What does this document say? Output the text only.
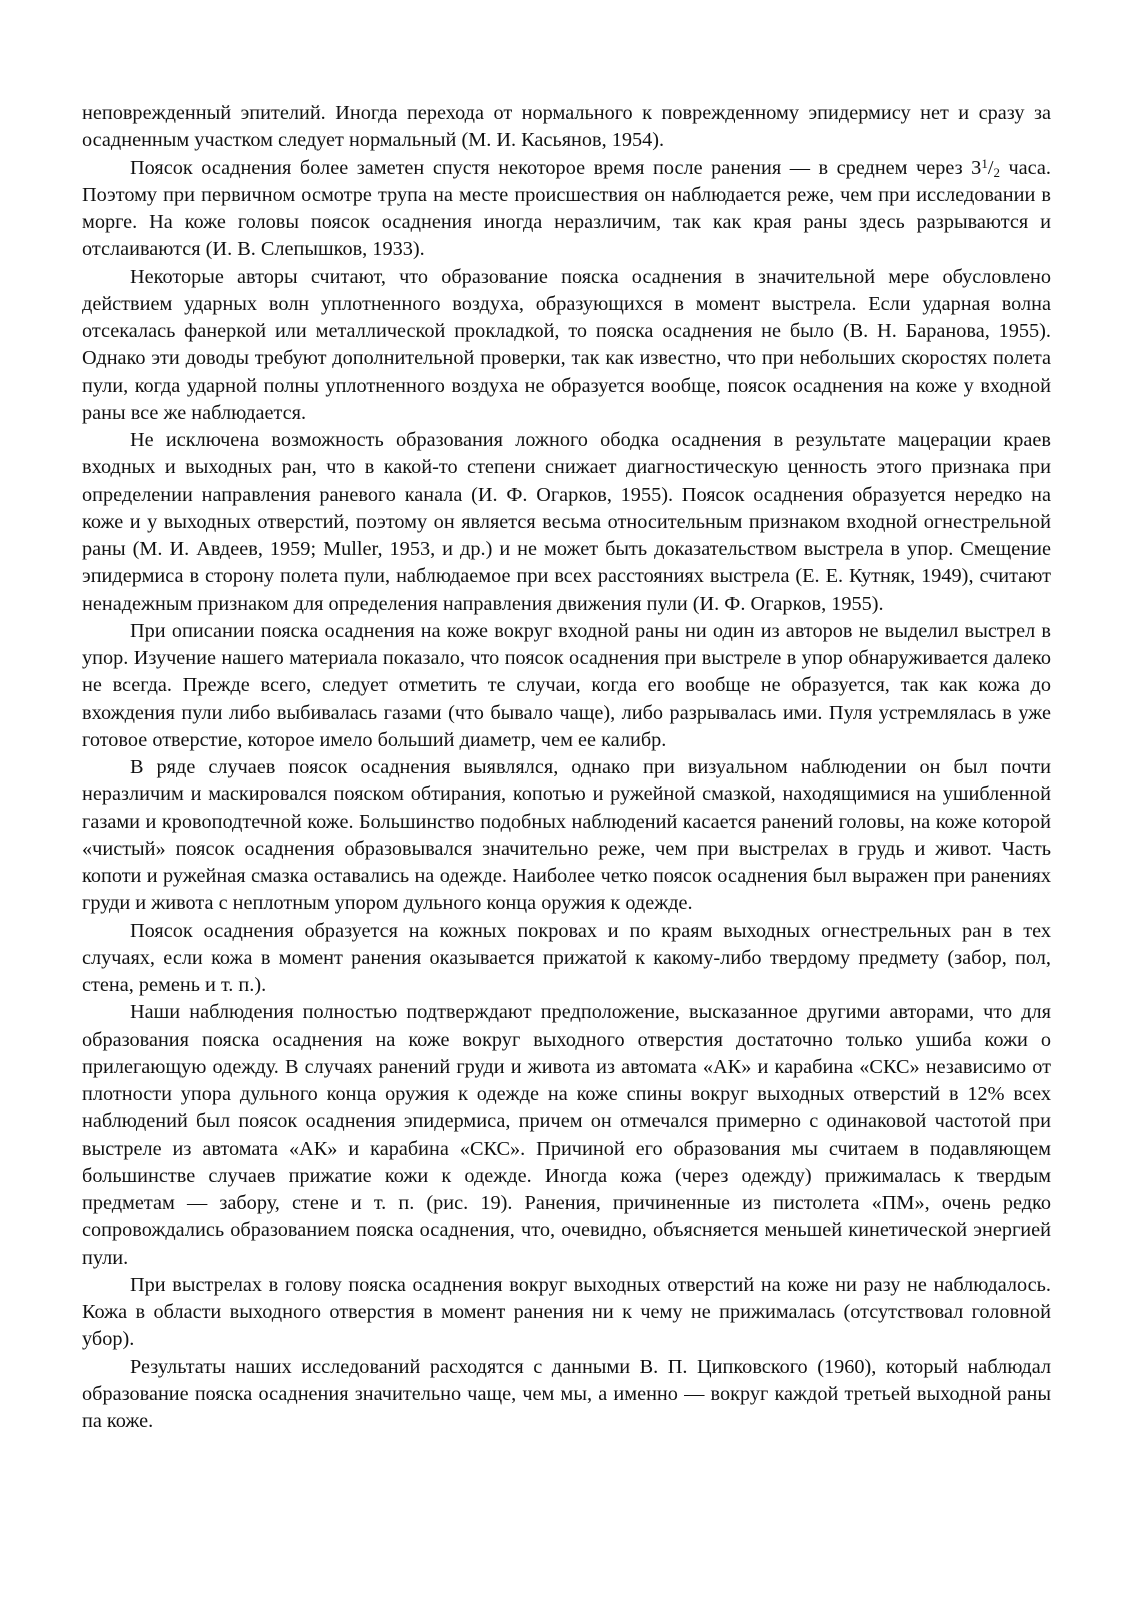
неповрежденный эпителий. Иногда перехода от нормального к поврежденному эпидермису нет и сразу за осадненным участком следует нормальный (М. И. Касьянов, 1954).

Поясок осаднения более заметен спустя некоторое время после ранения — в среднем через $3^1/_2$ часа. Поэтому при первичном осмотре трупа на месте происшествия он наблюдается реже, чем при исследовании в морге. На коже головы поясок осаднения иногда неразличим, так как края раны здесь разрываются и отслаиваются (И. В. Слепышков, 1933).

Некоторые авторы считают, что образование пояска осаднения в значительной мере обусловлено действием ударных волн уплотненного воздуха, образующихся в момент выстрела. Если ударная волна отсекалась фанеркой или металлической прокладкой, то пояска осаднения не было (В. Н. Баранова, 1955). Однако эти доводы требуют дополнительной проверки, так как известно, что при небольших скоростях полета пули, когда ударной полны уплотненного воздуха не образуется вообще, поясок осаднения на коже у входной раны все же наблюдается.

Не исключена возможность образования ложного ободка осаднения в результате мацерации краев входных и выходных ран, что в какой-то степени снижает диагностическую ценность этого признака при определении направления раневого канала (И. Ф. Огарков, 1955). Поясок осаднения образуется нередко на коже и у выходных отверстий, поэтому он является весьма относительным признаком входной огнестрельной раны (М. И. Авдеев, 1959; Muller, 1953, и др.) и не может быть доказательством выстрела в упор. Смещение эпидермиса в сторону полета пули, наблюдаемое при всех расстояниях выстрела (Е. Е. Кутняк, 1949), считают ненадежным признаком для определения направления движения пули (И. Ф. Огарков, 1955).

При описании пояска осаднения на коже вокруг входной раны ни один из авторов не выделил выстрел в упор. Изучение нашего материала показало, что поясок осаднения при выстреле в упор обнаруживается далеко не всегда. Прежде всего, следует отметить те случаи, когда его вообще не образуется, так как кожа до вхождения пули либо выбивалась газами (что бывало чаще), либо разрывалась ими. Пуля устремлялась в уже готовое отверстие, которое имело больший диаметр, чем ее калибр.

В ряде случаев поясок осаднения выявлялся, однако при визуальном наблюдении он был почти неразличим и маскировался пояском обтирания, копотью и ружейной смазкой, находящимися на ушибленной газами и кровоподтечной коже. Большинство подобных наблюдений касается ранений головы, на коже которой «чистый» поясок осаднения образовывался значительно реже, чем при выстрелах в грудь и живот. Часть копоти и ружейная смазка оставались на одежде. Наиболее четко поясок осаднения был выражен при ранениях груди и живота с неплотным упором дульного конца оружия к одежде.

Поясок осаднения образуется на кожных покровах и по краям выходных огнестрельных ран в тех случаях, если кожа в момент ранения оказывается прижатой к какому-либо твердому предмету (забор, пол, стена, ремень и т. п.).

Наши наблюдения полностью подтверждают предположение, высказанное другими авторами, что для образования пояска осаднения на коже вокруг выходного отверстия достаточно только ушиба кожи о прилегающую одежду. В случаях ранений груди и живота из автомата «АК» и карабина «СКС» независимо от плотности упора дульного конца оружия к одежде на коже спины вокруг выходных отверстий в 12% всех наблюдений был поясок осаднения эпидермиса, причем он отмечался примерно с одинаковой частотой при выстреле из автомата «АК» и карабина «СКС». Причиной его образования мы считаем в подавляющем большинстве случаев прижатие кожи к одежде. Иногда кожа (через одежду) прижималась к твердым предметам — забору, стене и т. п. (рис. 19). Ранения, причиненные из пистолета «ПМ», очень редко сопровождались образованием пояска осаднения, что, очевидно, объясняется меньшей кинетической энергией пули.

При выстрелах в голову пояска осаднения вокруг выходных отверстий на коже ни разу не наблюдалось. Кожа в области выходного отверстия в момент ранения ни к чему не прижималась (отсутствовал головной убор).

Результаты наших исследований расходятся с данными В. П. Ципковского (1960), который наблюдал образование пояска осаднения значительно чаще, чем мы, а именно — вокруг каждой третьей выходной раны па коже.
